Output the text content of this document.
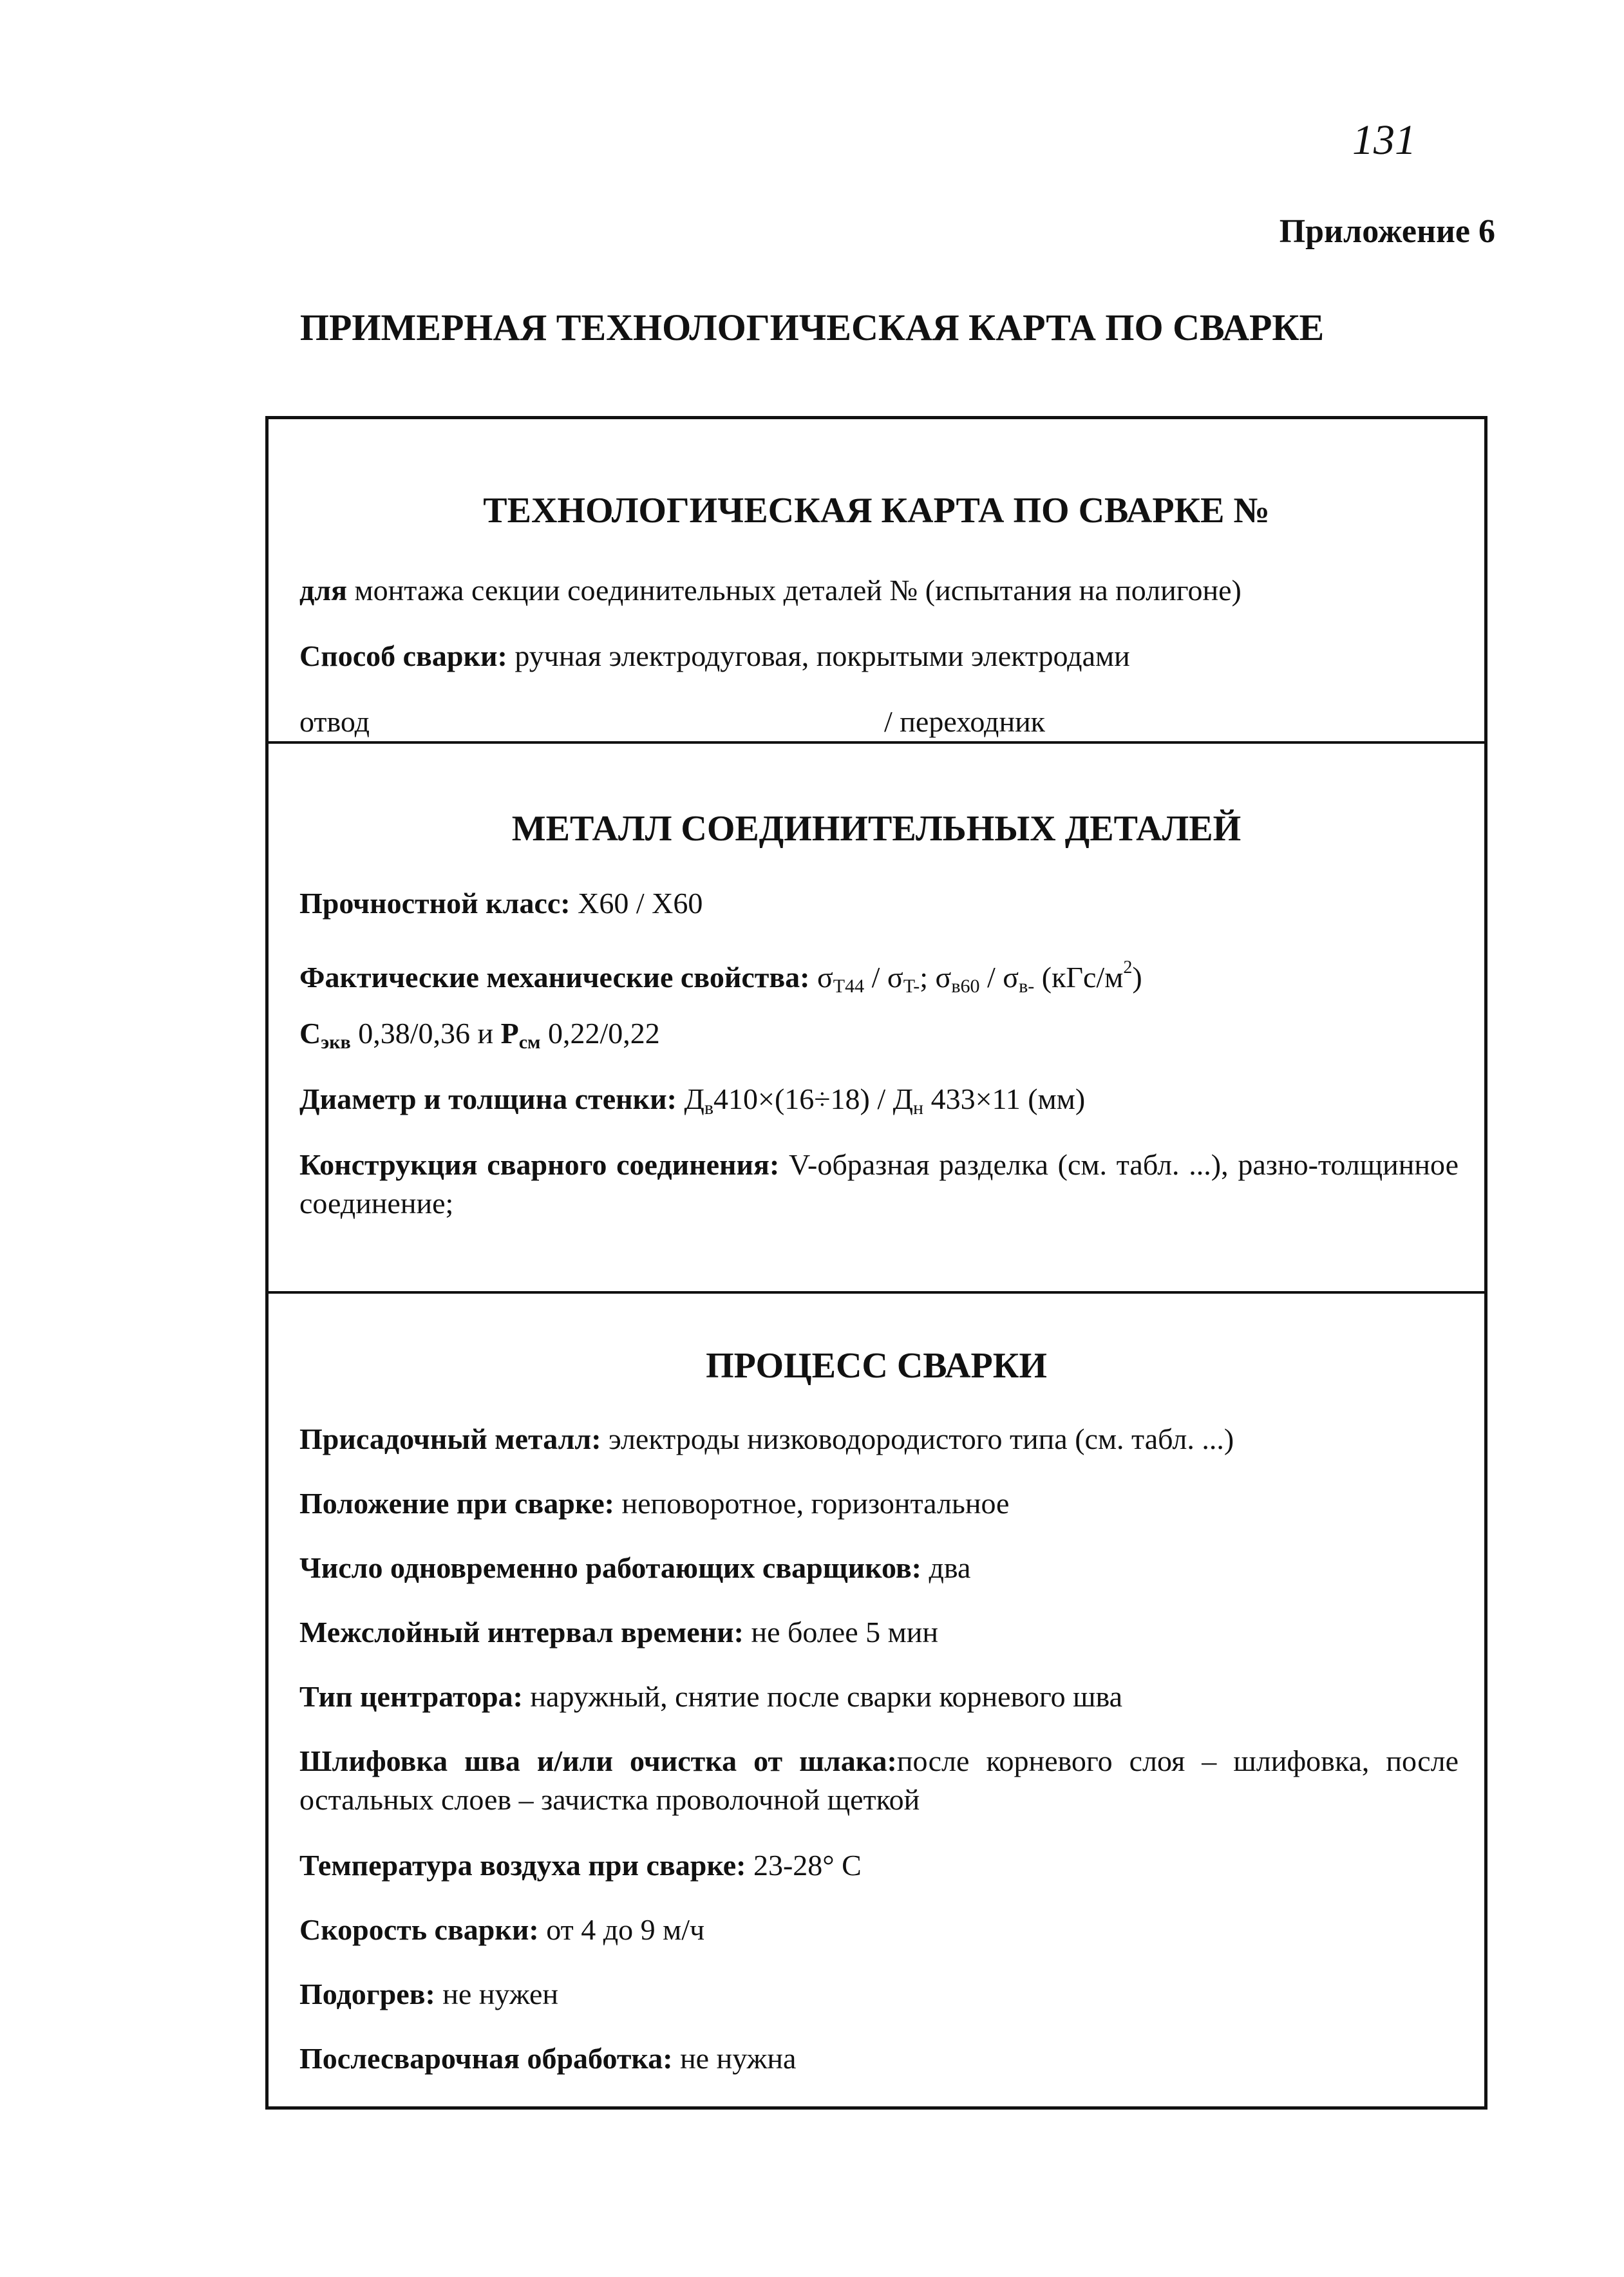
131
Приложение 6
ПРИМЕРНАЯ ТЕХНОЛОГИЧЕСКАЯ КАРТА ПО СВАРКЕ
ТЕХНОЛОГИЧЕСКАЯ КАРТА ПО СВАРКЕ №
для монтажа секции соединительных деталей № (испытания на полигоне)
Способ сварки: ручная электродуговая, покрытыми электродами
отвод	/ переходник
МЕТАЛЛ СОЕДИНИТЕЛЬНЫХ ДЕТАЛЕЙ
Прочностной класс: Х60 / Х60
Фактические механические свойства: $\sigma_{T44} / \sigma_{T-}$; $\sigma_{в60} / \sigma_{в-}$ $(кГс/м^2)$
$С_{экв}$ 0,38/0,36 и $Р_{см}$ 0,22/0,22
Диаметр и толщина стенки: $Д_в410\times(16\div 18) / Д_н$ 433×11 (мм)
Конструкция сварного соединения: V-образная разделка (см. табл. ...), разно-толщинное соединение;
ПРОЦЕСС СВАРКИ
Присадочный металл: электроды низководородистого типа (см. табл. ...)
Положение при сварке: неповоротное, горизонтальное
Число одновременно работающих сварщиков: два
Межслойный интервал времени: не более 5 мин
Тип центратора: наружный, снятие после сварки корневого шва
Шлифовка шва и/или очистка от шлака:после корневого слоя – шлифовка, после остальных слоев – зачистка проволочной щеткой
Температура воздуха при сварке: 23-28° С
Скорость сварки: от 4 до 9 м/ч
Подогрев: не нужен
Послесварочная обработка: не нужна
